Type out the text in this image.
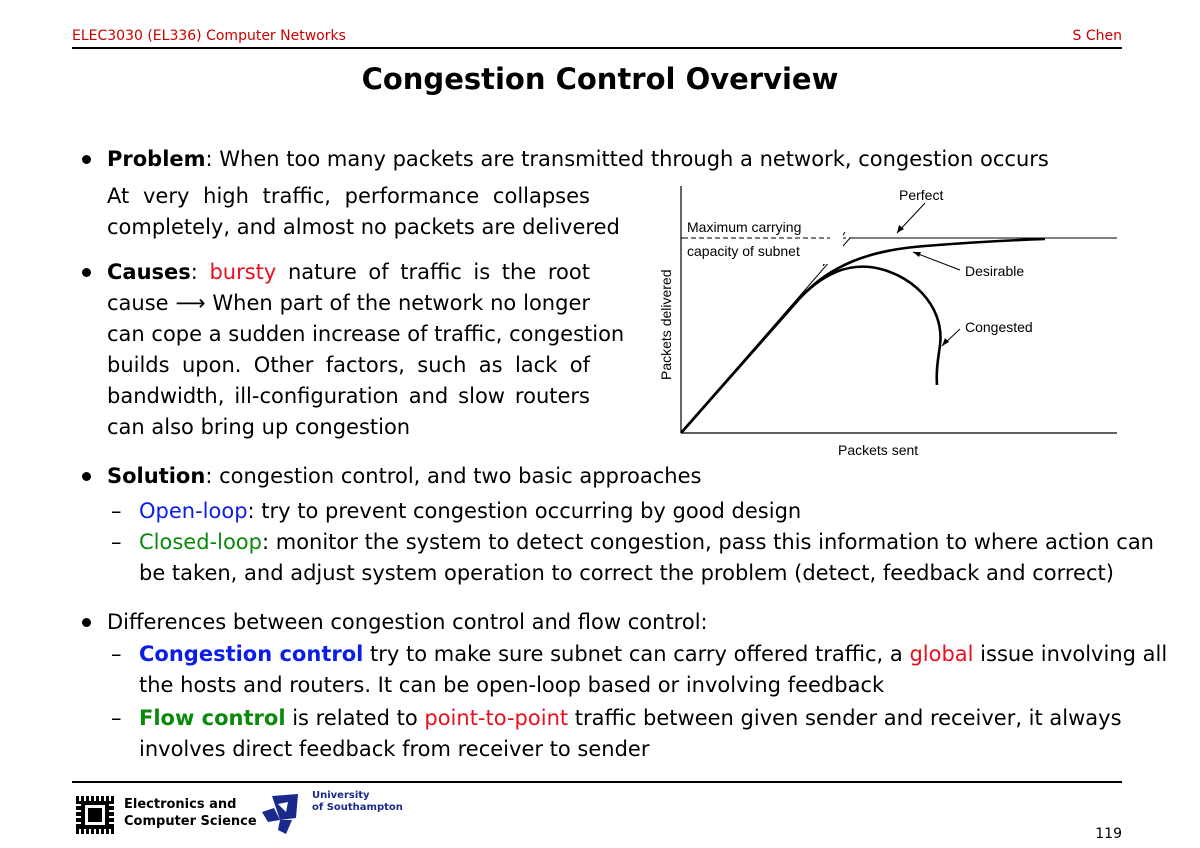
ELEC3030 (EL336) Computer Networks	S Chen
Congestion Control Overview
Problem: When too many packets are transmitted through a network, congestion occurs
At very high traffic, performance collapses
completely, and almost no packets are delivered
Causes: bursty nature of traffic is the root
cause ⟶ When part of the network no longer
can cope a sudden increase of traffic, congestion
builds upon. Other factors, such as lack of
bandwidth, ill-configuration and slow routers
can also bring up congestion
Perfect
Maximum carrying
capacity of subnet
Desirable
Congested
Packets delivered
Packets sent
Solution: congestion control, and two basic approaches
– Open-loop: try to prevent congestion occurring by good design
– Closed-loop: monitor the system to detect congestion, pass this information to where action can
be taken, and adjust system operation to correct the problem (detect, feedback and correct)
Differences between congestion control and flow control:
– Congestion control try to make sure subnet can carry offered traffic, a global issue involving all
the hosts and routers. It can be open-loop based or involving feedback
– Flow control is related to point-to-point traffic between given sender and receiver, it always
involves direct feedback from receiver to sender
Electronics and
Computer Science
University
of Southampton
119
